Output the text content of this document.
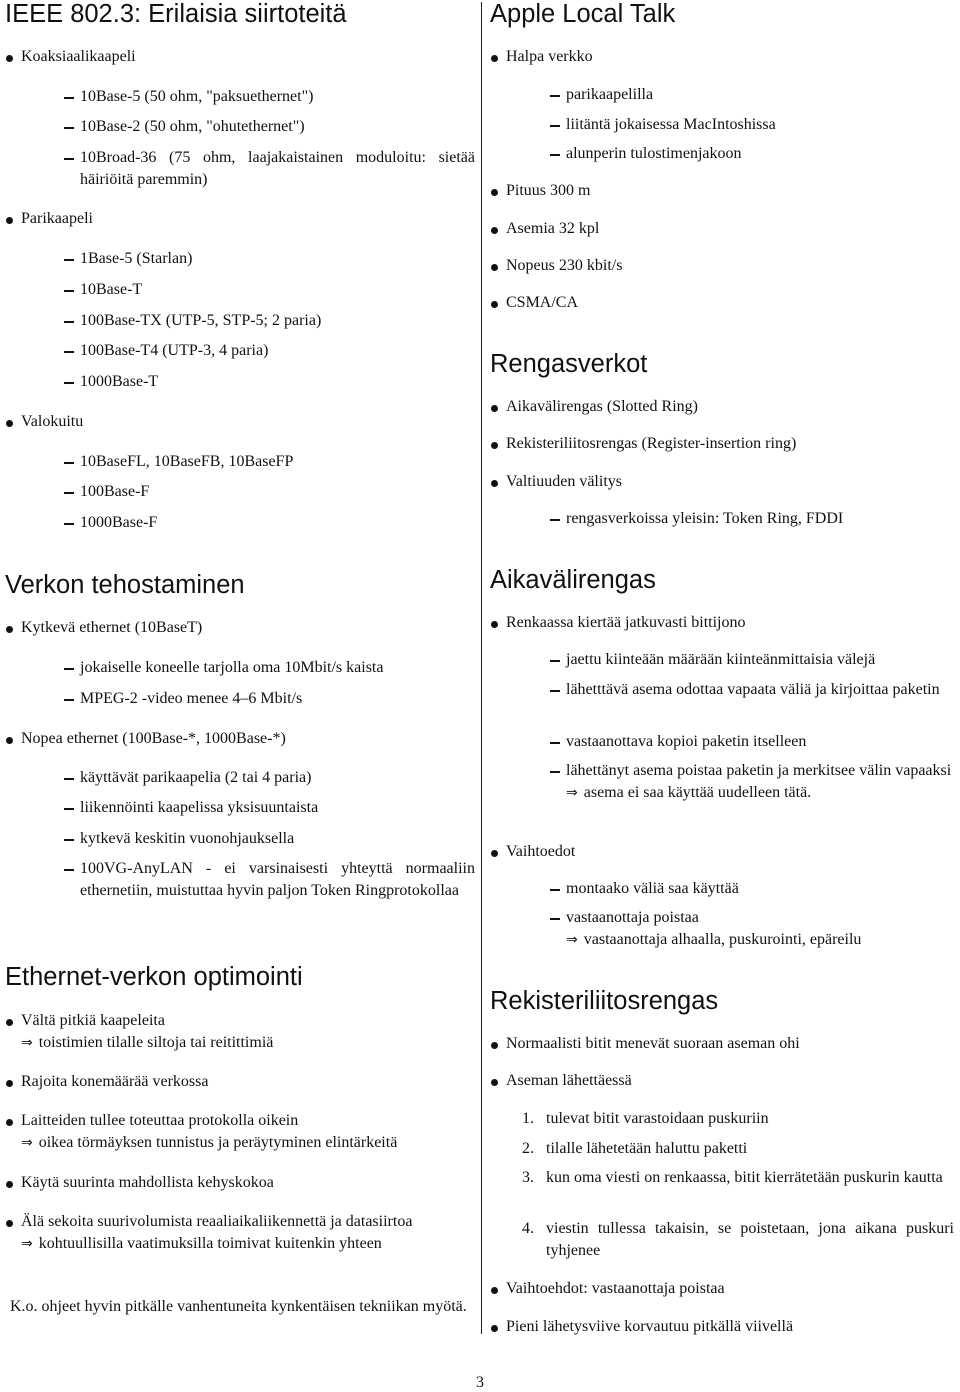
IEEE 802.3: Erilaisia siirtoteitä
Koaksiaalikaapeli
10Base-5 (50 ohm, "paksuethernet")
10Base-2 (50 ohm, "ohutethernet")
10Broad-36 (75 ohm, laajakaistainen moduloitu: sietää häiriöitä paremmin)
Parikaapeli
1Base-5 (Starlan)
10Base-T
100Base-TX (UTP-5, STP-5; 2 paria)
100Base-T4 (UTP-3, 4 paria)
1000Base-T
Valokuitu
10BaseFL, 10BaseFB, 10BaseFP
100Base-F
1000Base-F
Verkon tehostaminen
Kytkevä ethernet (10BaseT)
jokaiselle koneelle tarjolla oma 10Mbit/s kaista
MPEG-2 -video menee 4–6 Mbit/s
Nopea ethernet (100Base-*, 1000Base-*)
käyttävät parikaapelia (2 tai 4 paria)
liikennöinti kaapelissa yksisuuntaista
kytkevä keskitin vuonohjauksella
100VG-AnyLAN - ei varsinaisesti yhteyttä normaaliin ethernetiin, muistuttaa hyvin paljon Token Ringprotokollaa
Ethernet-verkon optimointi
Vältä pitkiä kaapeleita
⇒ toistimien tilalle siltoja tai reitittimiä
Rajoita konemäärää verkossa
Laitteiden tullee toteuttaa protokolla oikein
⇒ oikea törmäyksen tunnistus ja peräytyminen elintärkeitä
Käytä suurinta mahdollista kehyskokoa
Älä sekoita suurivolumista reaaliaikaliikennettä ja datasiirtoa
⇒ kohtuullisilla vaatimuksilla toimivat kuitenkin yhteen
K.o. ohjeet hyvin pitkälle vanhentuneita kynkentäisen tekniikan myötä.
Apple Local Talk
Halpa verkko
parikaapelilla
liitäntä jokaisessa MacIntoshissa
alunperin tulostimenjakoon
Pituus 300 m
Asemia 32 kpl
Nopeus 230 kbit/s
CSMA/CA
Rengasverkot
Aikavälirengas (Slotted Ring)
Rekisteriliitosrengas (Register-insertion ring)
Valtiuuden välitys
rengasverkoissa yleisin: Token Ring, FDDI
Aikavälirengas
Renkaassa kiertää jatkuvasti bittijono
jaettu kiinteään määrään kiinteänmittaisia välejä
lähetttävä asema odottaa vapaata väliä ja kirjoittaa paketin
vastaanottava kopioi paketin itselleen
lähettänyt asema poistaa paketin ja merkitsee välin vapaaksi
⇒ asema ei saa käyttää uudelleen tätä.
Vaihtoedot
montaako väliä saa käyttää
vastaanottaja poistaa
⇒ vastaanottaja alhaalla, puskurointi, epäreilu
Rekisteriliitosrengas
Normaalisti bitit menevät suoraan aseman ohi
Aseman lähettäessä
1. tulevat bitit varastoidaan puskuriin
2. tilalle lähetetään haluttu paketti
3. kun oma viesti on renkaassa, bitit kierrätetään puskurin kautta
4. viestin tullessa takaisin, se poistetaan, jona aikana puskuri tyhjenee
Vaihtoehdot: vastaanottaja poistaa
Pieni lähetysviive korvautuu pitkällä viivellä
3
